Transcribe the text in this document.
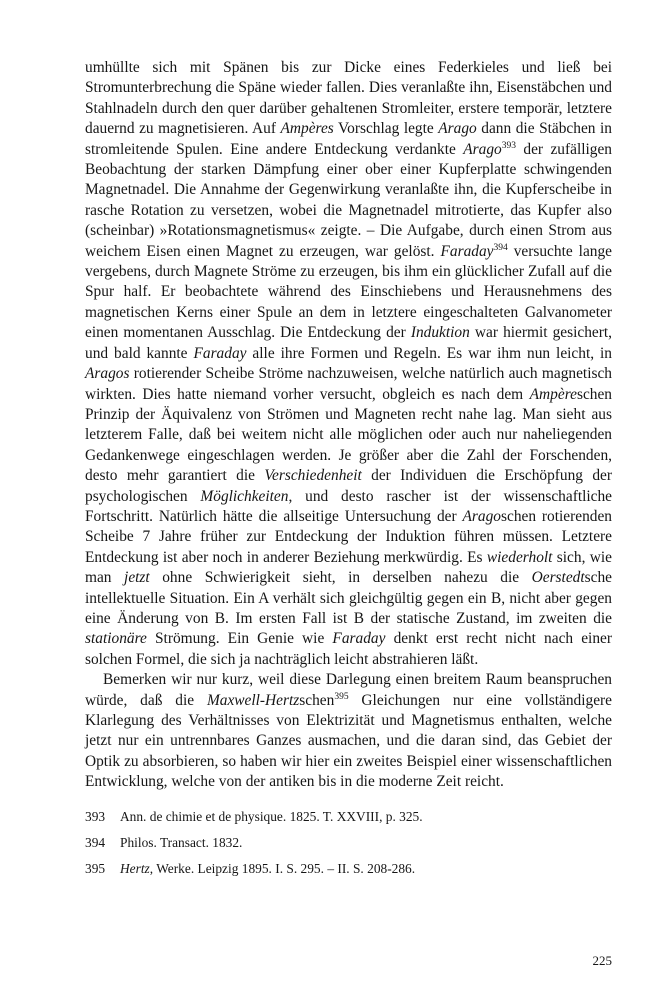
umhüllte sich mit Spänen bis zur Dicke eines Federkieles und ließ bei Stromunterbrechung die Späne wieder fallen. Dies veranlaßte ihn, Eisenstäbchen und Stahlnadeln durch den quer darüber gehaltenen Stromleiter, erstere temporär, letztere dauernd zu magnetisieren. Auf Ampères Vorschlag legte Arago dann die Stäbchen in stromleitende Spulen. Eine andere Entdeckung verdankte Arago$^{393}$ der zufälligen Beobachtung der starken Dämpfung einer ober einer Kupferplatte schwingenden Magnetnadel. Die Annahme der Gegenwirkung veranlaßte ihn, die Kupferscheibe in rasche Rotation zu versetzen, wobei die Magnetnadel mitrotierte, das Kupfer also (scheinbar) »Rotationsmagnetismus« zeigte. – Die Aufgabe, durch einen Strom aus weichem Eisen einen Magnet zu erzeugen, war gelöst. Faraday$^{394}$ versuchte lange vergebens, durch Magnete Ströme zu erzeugen, bis ihm ein glücklicher Zufall auf die Spur half. Er beobachtete während des Einschiebens und Herausnehmens des magnetischen Kerns einer Spule an dem in letztere eingeschalteten Galvanometer einen momentanen Ausschlag. Die Entdeckung der Induktion war hiermit gesichert, und bald kannte Faraday alle ihre Formen und Regeln. Es war ihm nun leicht, in Aragos rotierender Scheibe Ströme nachzuweisen, welche natürlich auch magnetisch wirkten. Dies hatte niemand vorher versucht, obgleich es nach dem Ampèreschen Prinzip der Äquivalenz von Strömen und Magneten recht nahe lag. Man sieht aus letzterem Falle, daß bei weitem nicht alle möglichen oder auch nur naheliegenden Gedankenwege eingeschlagen werden. Je größer aber die Zahl der Forschenden, desto mehr garantiert die Verschiedenheit der Individuen die Erschöpfung der psychologischen Möglichkeiten, und desto rascher ist der wissenschaftliche Fortschritt. Natürlich hätte die allseitige Untersuchung der Aragoschen rotierenden Scheibe 7 Jahre früher zur Entdeckung der Induktion führen müssen. Letztere Entdeckung ist aber noch in anderer Beziehung merkwürdig. Es wiederholt sich, wie man jetzt ohne Schwierigkeit sieht, in derselben nahezu die Oerstedtsche intellektuelle Situation. Ein A verhält sich gleichgültig gegen ein B, nicht aber gegen eine Änderung von B. Im ersten Fall ist B der statische Zustand, im zweiten die stationäre Strömung. Ein Genie wie Faraday denkt erst recht nicht nach einer solchen Formel, die sich ja nachträglich leicht abstrahieren läßt.

Bemerken wir nur kurz, weil diese Darlegung einen breitem Raum beanspruchen würde, daß die Maxwell-Hertzschen$^{395}$ Gleichungen nur eine vollständigere Klarlegung des Verhältnisses von Elektrizität und Magnetismus enthalten, welche jetzt nur ein untrennbares Ganzes ausmachen, und die daran sind, das Gebiet der Optik zu absorbieren, so haben wir hier ein zweites Beispiel einer wissenschaftlichen Entwicklung, welche von der antiken bis in die moderne Zeit reicht.

393	Ann. de chimie et de physique. 1825. T. XXVIII, p. 325.
394	Philos. Transact. 1832.
395	Hertz, Werke. Leipzig 1895. I. S. 295. – II. S. 208-286.
225
